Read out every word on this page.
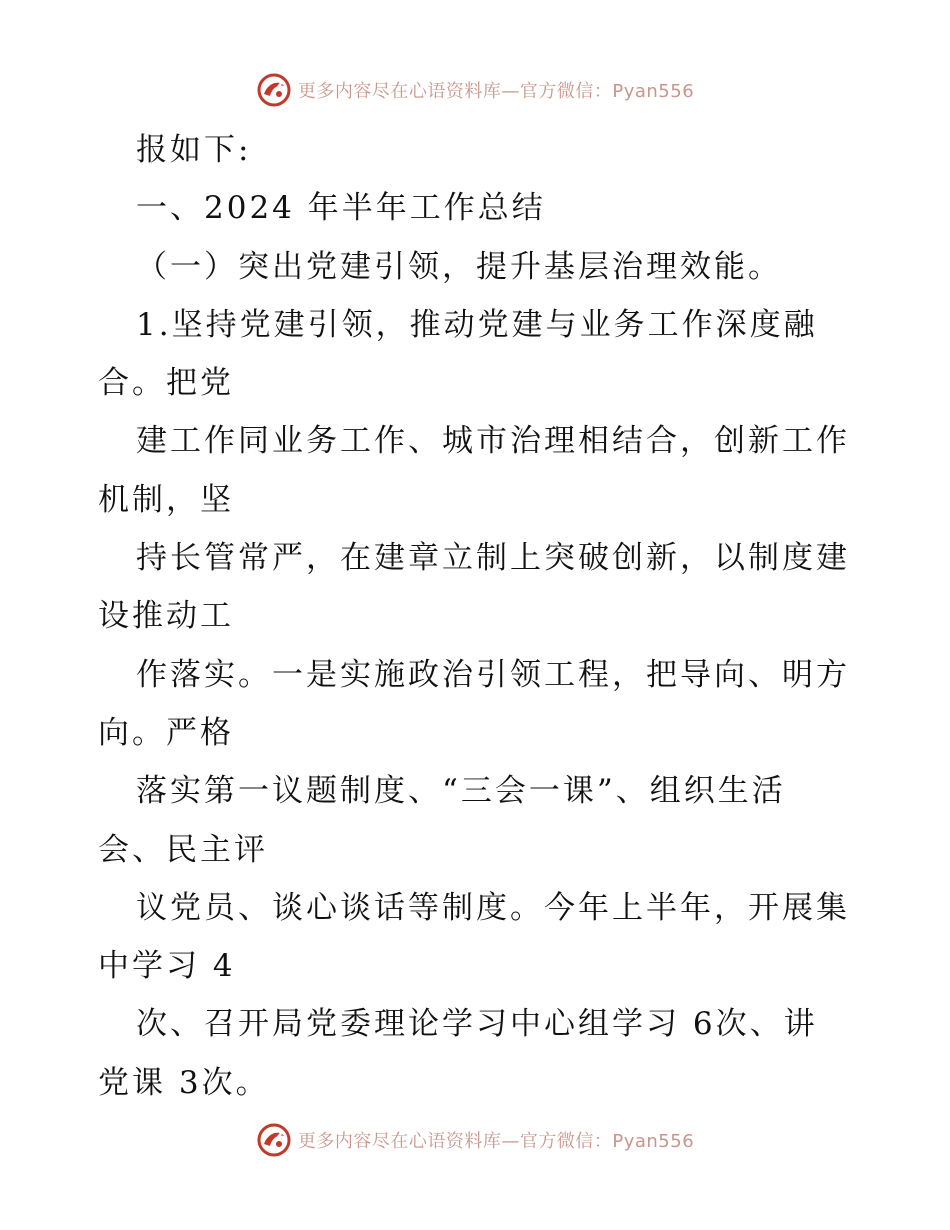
更多内容尽在心语资料库—官方微信：Pyan556
报如下:
一、2024 年半年工作总结
（一）突出党建引领，提升基层治理效能。
1.坚持党建引领，推动党建与业务工作深度融
合。把党
建工作同业务工作、城市治理相结合，创新工作
机制，坚
持长管常严，在建章立制上突破创新，以制度建
设推动工
作落实。一是实施政治引领工程，把导向、明方
向。严格
落实第一议题制度、“三会一课”、组织生活
会、民主评
议党员、谈心谈话等制度。今年上半年，开展集
中学习 4
次、召开局党委理论学习中心组学习 6次、讲
党课 3次。
更多内容尽在心语资料库—官方微信：Pyan556
